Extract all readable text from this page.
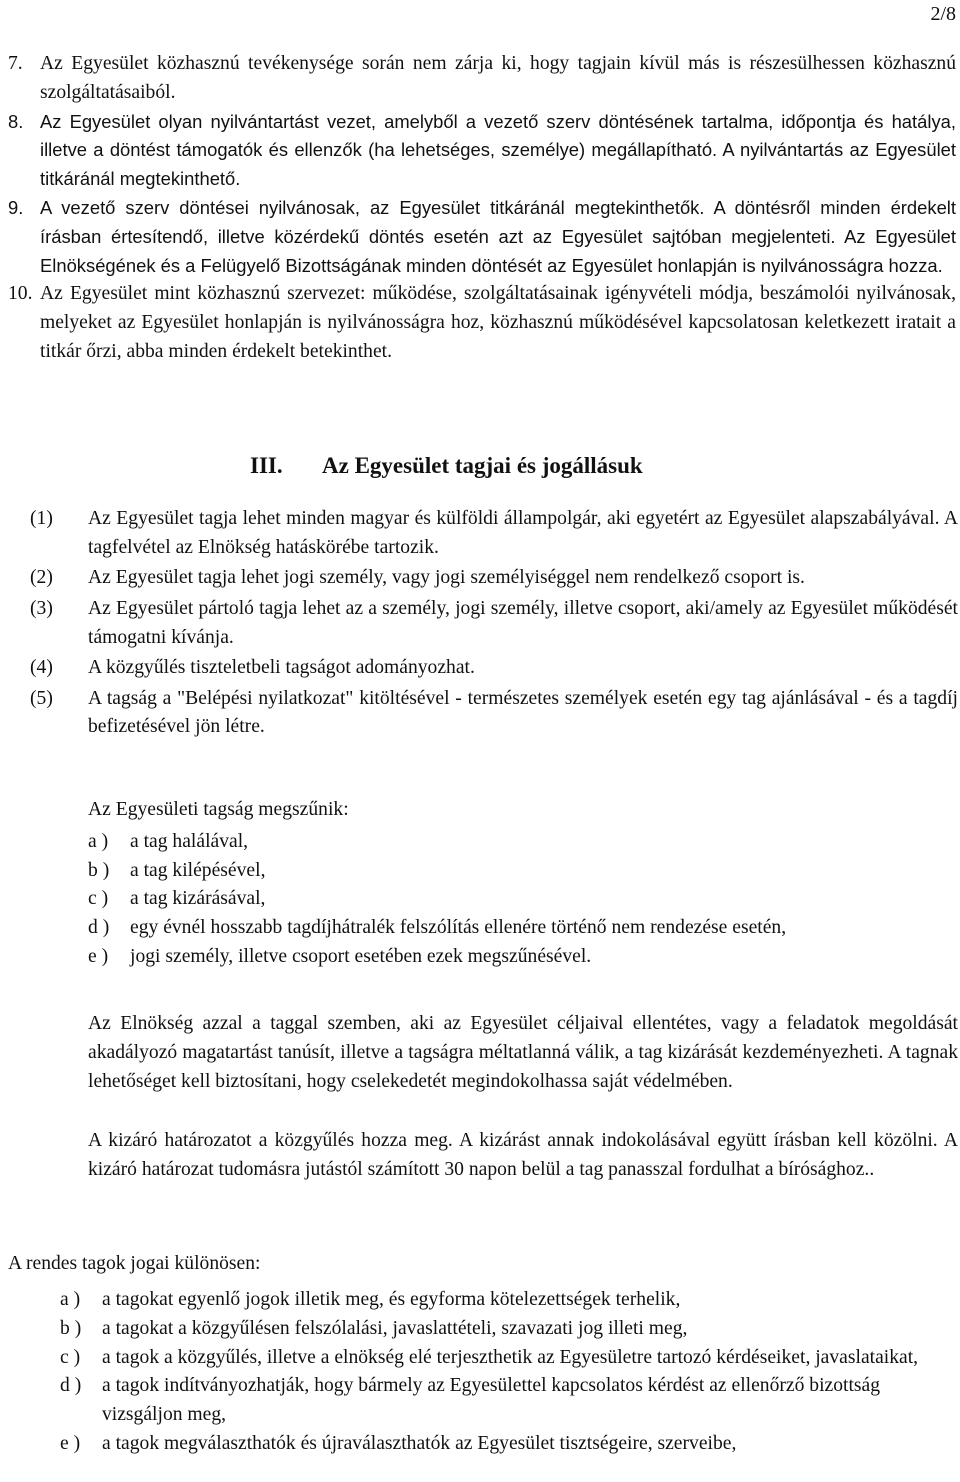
2/8
7. Az Egyesület közhasznú tevékenysége során nem zárja ki, hogy tagjain kívül más is részesülhessen közhasznú szolgáltatásaiból.
8. Az Egyesület olyan nyilvántartást vezet, amelyből a vezető szerv döntésének tartalma, időpontja és hatálya, illetve a döntést támogatók és ellenzők (ha lehetséges, személye) megállapítható. A nyilvántartás az Egyesület titkáránál megtekinthető.
9. A vezető szerv döntései nyilvánosak, az Egyesület titkáránál megtekinthetők. A döntésről minden érdekelt írásban értesítendő, illetve közérdekű döntés esetén azt az Egyesület sajtóban megjelenteti. Az Egyesület Elnökségének és a Felügyelő Bizottságának minden döntését az Egyesület honlapján is nyilvánosságra hozza.
10. Az Egyesület mint közhasznú szervezet: működése, szolgáltatásainak igényvételi módja, beszámolói nyilvánosak, melyeket az Egyesület honlapján is nyilvánosságra hoz, közhasznú működésével kapcsolatosan keletkezett iratait a titkár őrzi, abba minden érdekelt betekinthet.
III. Az Egyesület tagjai és jogállásuk
(1) Az Egyesület tagja lehet minden magyar és külföldi állampolgár, aki egyetért az Egyesület alapszabályával. A tagfelvétel az Elnökség hatáskörébe tartozik.
(2) Az Egyesület tagja lehet jogi személy, vagy jogi személyiséggel nem rendelkező csoport is.
(3) Az Egyesület pártoló tagja lehet az a személy, jogi személy, illetve csoport, aki/amely az Egyesület működését támogatni kívánja.
(4) A közgyűlés tiszteletbeli tagságot adományozhat.
(5) A tagság a "Belépési nyilatkozat" kitöltésével - természetes személyek esetén egy tag ajánlásával - és a tagdíj befizetésével jön létre.
Az Egyesületi tagság megszűnik:
a ) a tag halálával,
b ) a tag kilépésével,
c ) a tag kizárásával,
d ) egy évnél hosszabb tagdíjhátralék felszólítás ellenére történő nem rendezése esetén,
e ) jogi személy, illetve csoport esetében ezek megszűnésével.
Az Elnökség azzal a taggal szemben, aki az Egyesület céljaival ellentétes, vagy a feladatok megoldását akadályozó magatartást tanúsít, illetve a tagságra méltatlanná válik, a tag kizárását kezdeményezheti. A tagnak lehetőséget kell biztosítani, hogy cselekedetét megindokolhassa saját védelmében.
A kizáró határozatot a közgyűlés hozza meg. A kizárást annak indokolásával együtt írásban kell közölni. A kizáró határozat tudomásra jutástól számított 30 napon belül a tag panasszal fordulhat a bírósághoz..
A rendes tagok jogai különösen:
a ) a tagokat egyenlő jogok illetik meg, és egyforma kötelezettségek terhelik,
b ) a tagokat a közgyűlésen felszólalási, javaslattételi, szavazati jog illeti meg,
c ) a tagok a közgyűlés, illetve a elnökség elé terjeszthetik az Egyesületre tartozó kérdéseiket, javaslataikat,
d ) a tagok indítványozhatják, hogy bármely az Egyesülettel kapcsolatos kérdést az ellenőrző bizottság vizsgáljon meg,
e ) a tagok megválaszthatók és újraválaszthatók az Egyesület tisztségeire, szerveibe,
